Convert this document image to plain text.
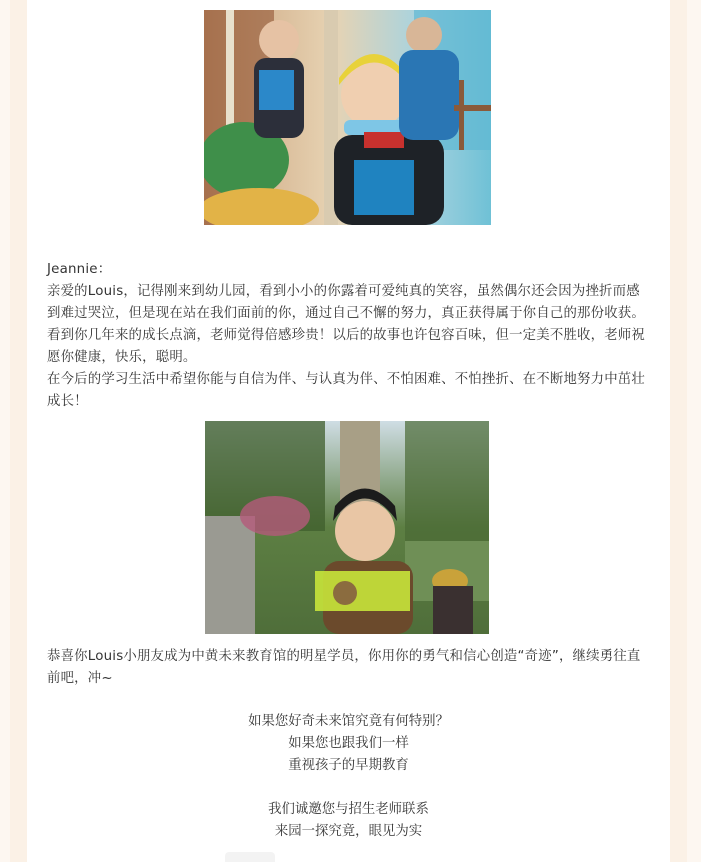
Jeannie：

亲爱的Louis，记得刚来到幼儿园，看到小小的你露着可爱纯真的笑容，虽然偶尔还会因为挫折而感到难过哭泣，但是现在站在我们面前的你，通过自己不懈的努力，真正获得属于你自己的那份收获。看到你几年来的成长点滴，老师觉得倍感珍贵！以后的故事也许包容百味，但一定美不胜收，老师祝愿你健康，快乐，聪明。

在今后的学习生活中希望你能与自信为伴、与认真为伴、不怕困难、不怕挫折、在不断地努力中茁壮成长！

恭喜你Louis小朋友成为中黄未来教育馆的明星学员，你用你的勇气和信心创造“奇迹”，继续勇往直前吧，冲~

如果您好奇未来馆究竟有何特别？
如果您也跟我们一样
重视孩子的早期教育
我们诚邀您与招生老师联系
来园一探究竟，眼见为实
